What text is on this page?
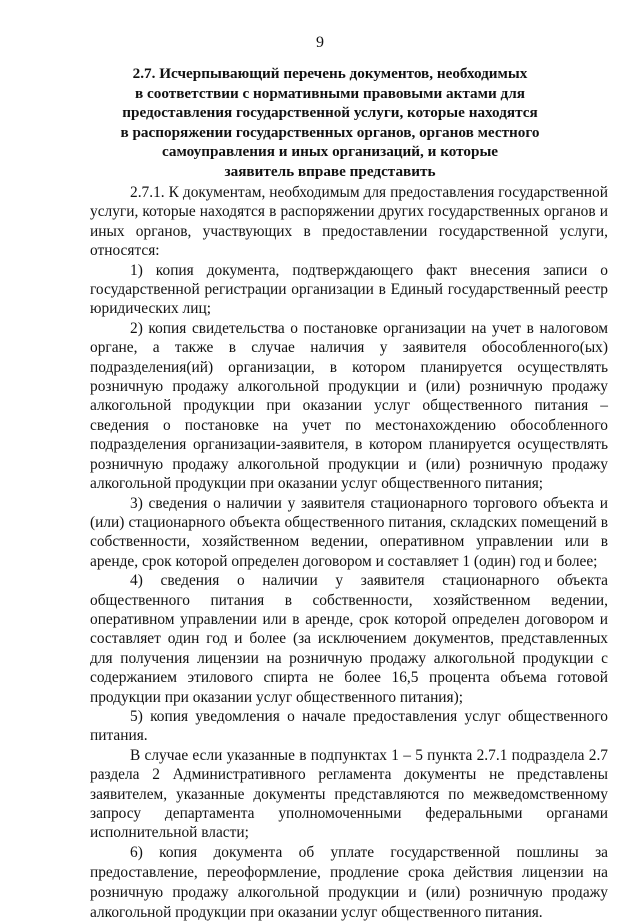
9
2.7. Исчерпывающий перечень документов, необходимых
в соответствии с нормативными правовыми актами для
предоставления государственной услуги, которые находятся
в распоряжении государственных органов, органов местного
самоуправления и иных организаций, и которые
заявитель вправе представить

2.7.1. К документам, необходимым для предоставления государственной услуги, которые находятся в распоряжении других государственных органов и иных органов, участвующих в предоставлении государственной услуги, относятся:

1) копия документа, подтверждающего факт внесения записи о государственной регистрации организации в Единый государственный реестр юридических лиц;

2) копия свидетельства о постановке организации на учет в налоговом органе, а также в случае наличия у заявителя обособленного(ых) подразделения(ий) организации, в котором планируется осуществлять розничную продажу алкогольной продукции и (или) розничную продажу алкогольной продукции при оказании услуг общественного питания – сведения о постановке на учет по местонахождению обособленного подразделения организации-заявителя, в котором планируется осуществлять розничную продажу алкогольной продукции и (или) розничную продажу алкогольной продукции при оказании услуг общественного питания;

3) сведения о наличии у заявителя стационарного торгового объекта и (или) стационарного объекта общественного питания, складских помещений в собственности, хозяйственном ведении, оперативном управлении или в аренде, срок которой определен договором и составляет 1 (один) год и более;

4) сведения о наличии у заявителя стационарного объекта общественного питания в собственности, хозяйственном ведении, оперативном управлении или в аренде, срок которой определен договором и составляет один год и более (за исключением документов, представленных для получения лицензии на розничную продажу алкогольной продукции с содержанием этилового спирта не более 16,5 процента объема готовой продукции при оказании услуг общественного питания);

5) копия уведомления о начале предоставления услуг общественного питания.

В случае если указанные в подпунктах 1 – 5 пункта 2.7.1 подраздела 2.7 раздела 2 Административного регламента документы не представлены заявителем, указанные документы представляются по межведомственному запросу департамента уполномоченными федеральными органами исполнительной власти;

6) копия документа об уплате государственной пошлины за предоставление, переоформление, продление срока действия лицензии на розничную продажу алкогольной продукции и (или) розничную продажу алкогольной продукции при оказании услуг общественного питания.
